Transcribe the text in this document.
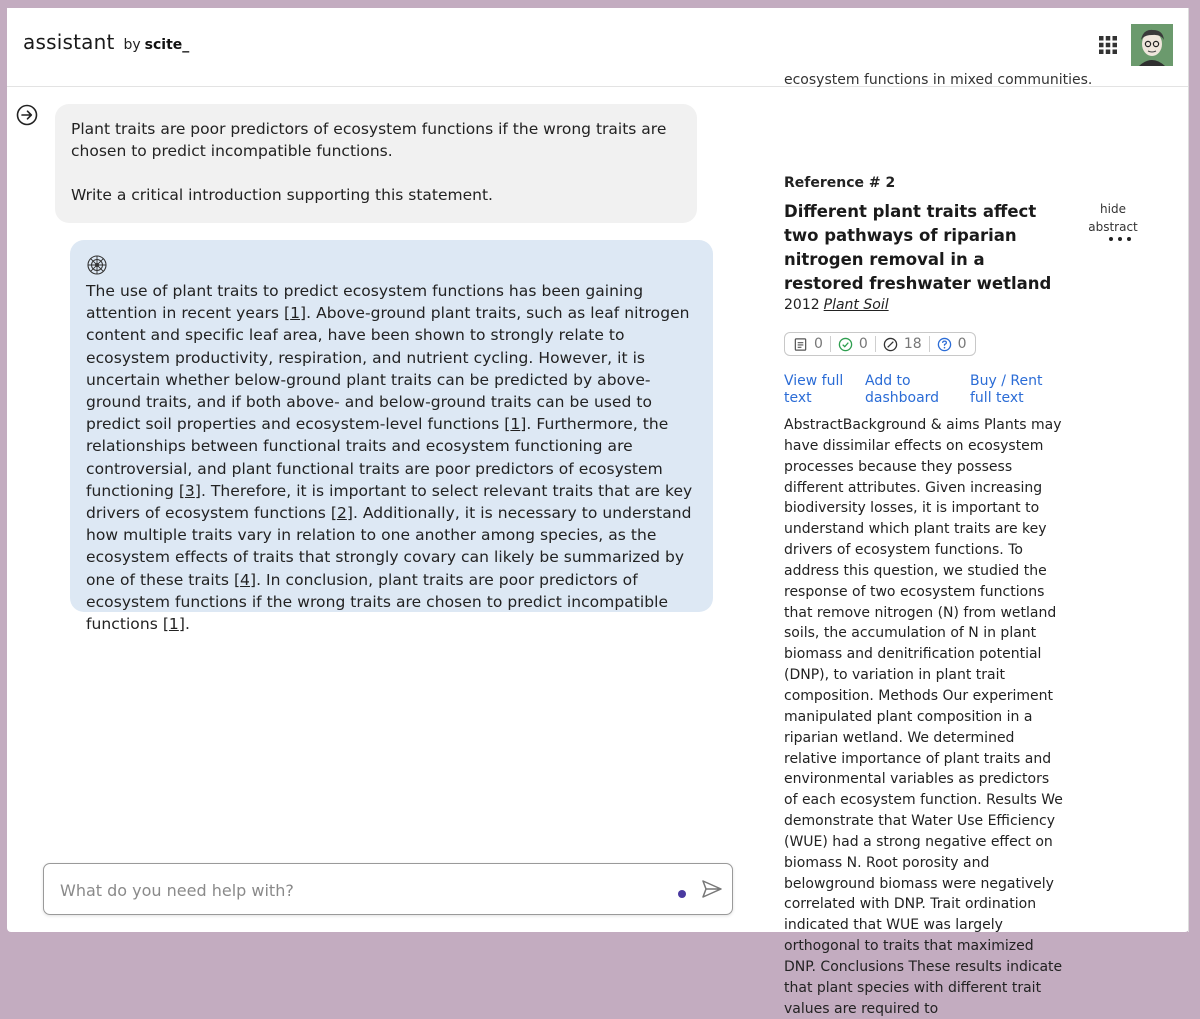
assistant by scite_

Plant traits are poor predictors of ecosystem functions if the wrong traits are chosen to predict incompatible functions.

Write a critical introduction supporting this statement.

The use of plant traits to predict ecosystem functions has been gaining attention in recent years [1]. Above-ground plant traits, such as leaf nitrogen content and specific leaf area, have been shown to strongly relate to ecosystem productivity, respiration, and nutrient cycling. However, it is uncertain whether below-ground plant traits can be predicted by above-ground traits, and if both above- and below-ground traits can be used to predict soil properties and ecosystem-level functions [1]. Furthermore, the relationships between functional traits and ecosystem functioning are controversial, and plant functional traits are poor predictors of ecosystem functioning [3]. Therefore, it is important to select relevant traits that are key drivers of ecosystem functions [2]. Additionally, it is necessary to understand how multiple traits vary in relation to one another among species, as the ecosystem effects of traits that strongly covary can likely be summarized by one of these traits [4]. In conclusion, plant traits are poor predictors of ecosystem functions if the wrong traits are chosen to predict incompatible functions [1].
What do you need help with?
ecosystem functions in mixed communities.
Reference # 2
Different plant traits affect two pathways of riparian nitrogen removal in a restored freshwater wetland
2012 Plant Soil
0	0	18	0
View full text
Add to dashboard
Buy / Rent full text
AbstractBackground & aims Plants may have dissimilar effects on ecosystem processes because they possess different attributes. Given increasing biodiversity losses, it is important to understand which plant traits are key drivers of ecosystem functions. To address this question, we studied the response of two ecosystem functions that remove nitrogen (N) from wetland soils, the accumulation of N in plant biomass and denitrification potential (DNP), to variation in plant trait composition. Methods Our experiment manipulated plant composition in a riparian wetland. We determined relative importance of plant traits and environmental variables as predictors of each ecosystem function. Results We demonstrate that Water Use Efficiency (WUE) had a strong negative effect on biomass N. Root porosity and belowground biomass were negatively correlated with DNP. Trait ordination indicated that WUE was largely orthogonal to traits that maximized DNP. Conclusions These results indicate that plant species with different trait values are required to
hide abstract
